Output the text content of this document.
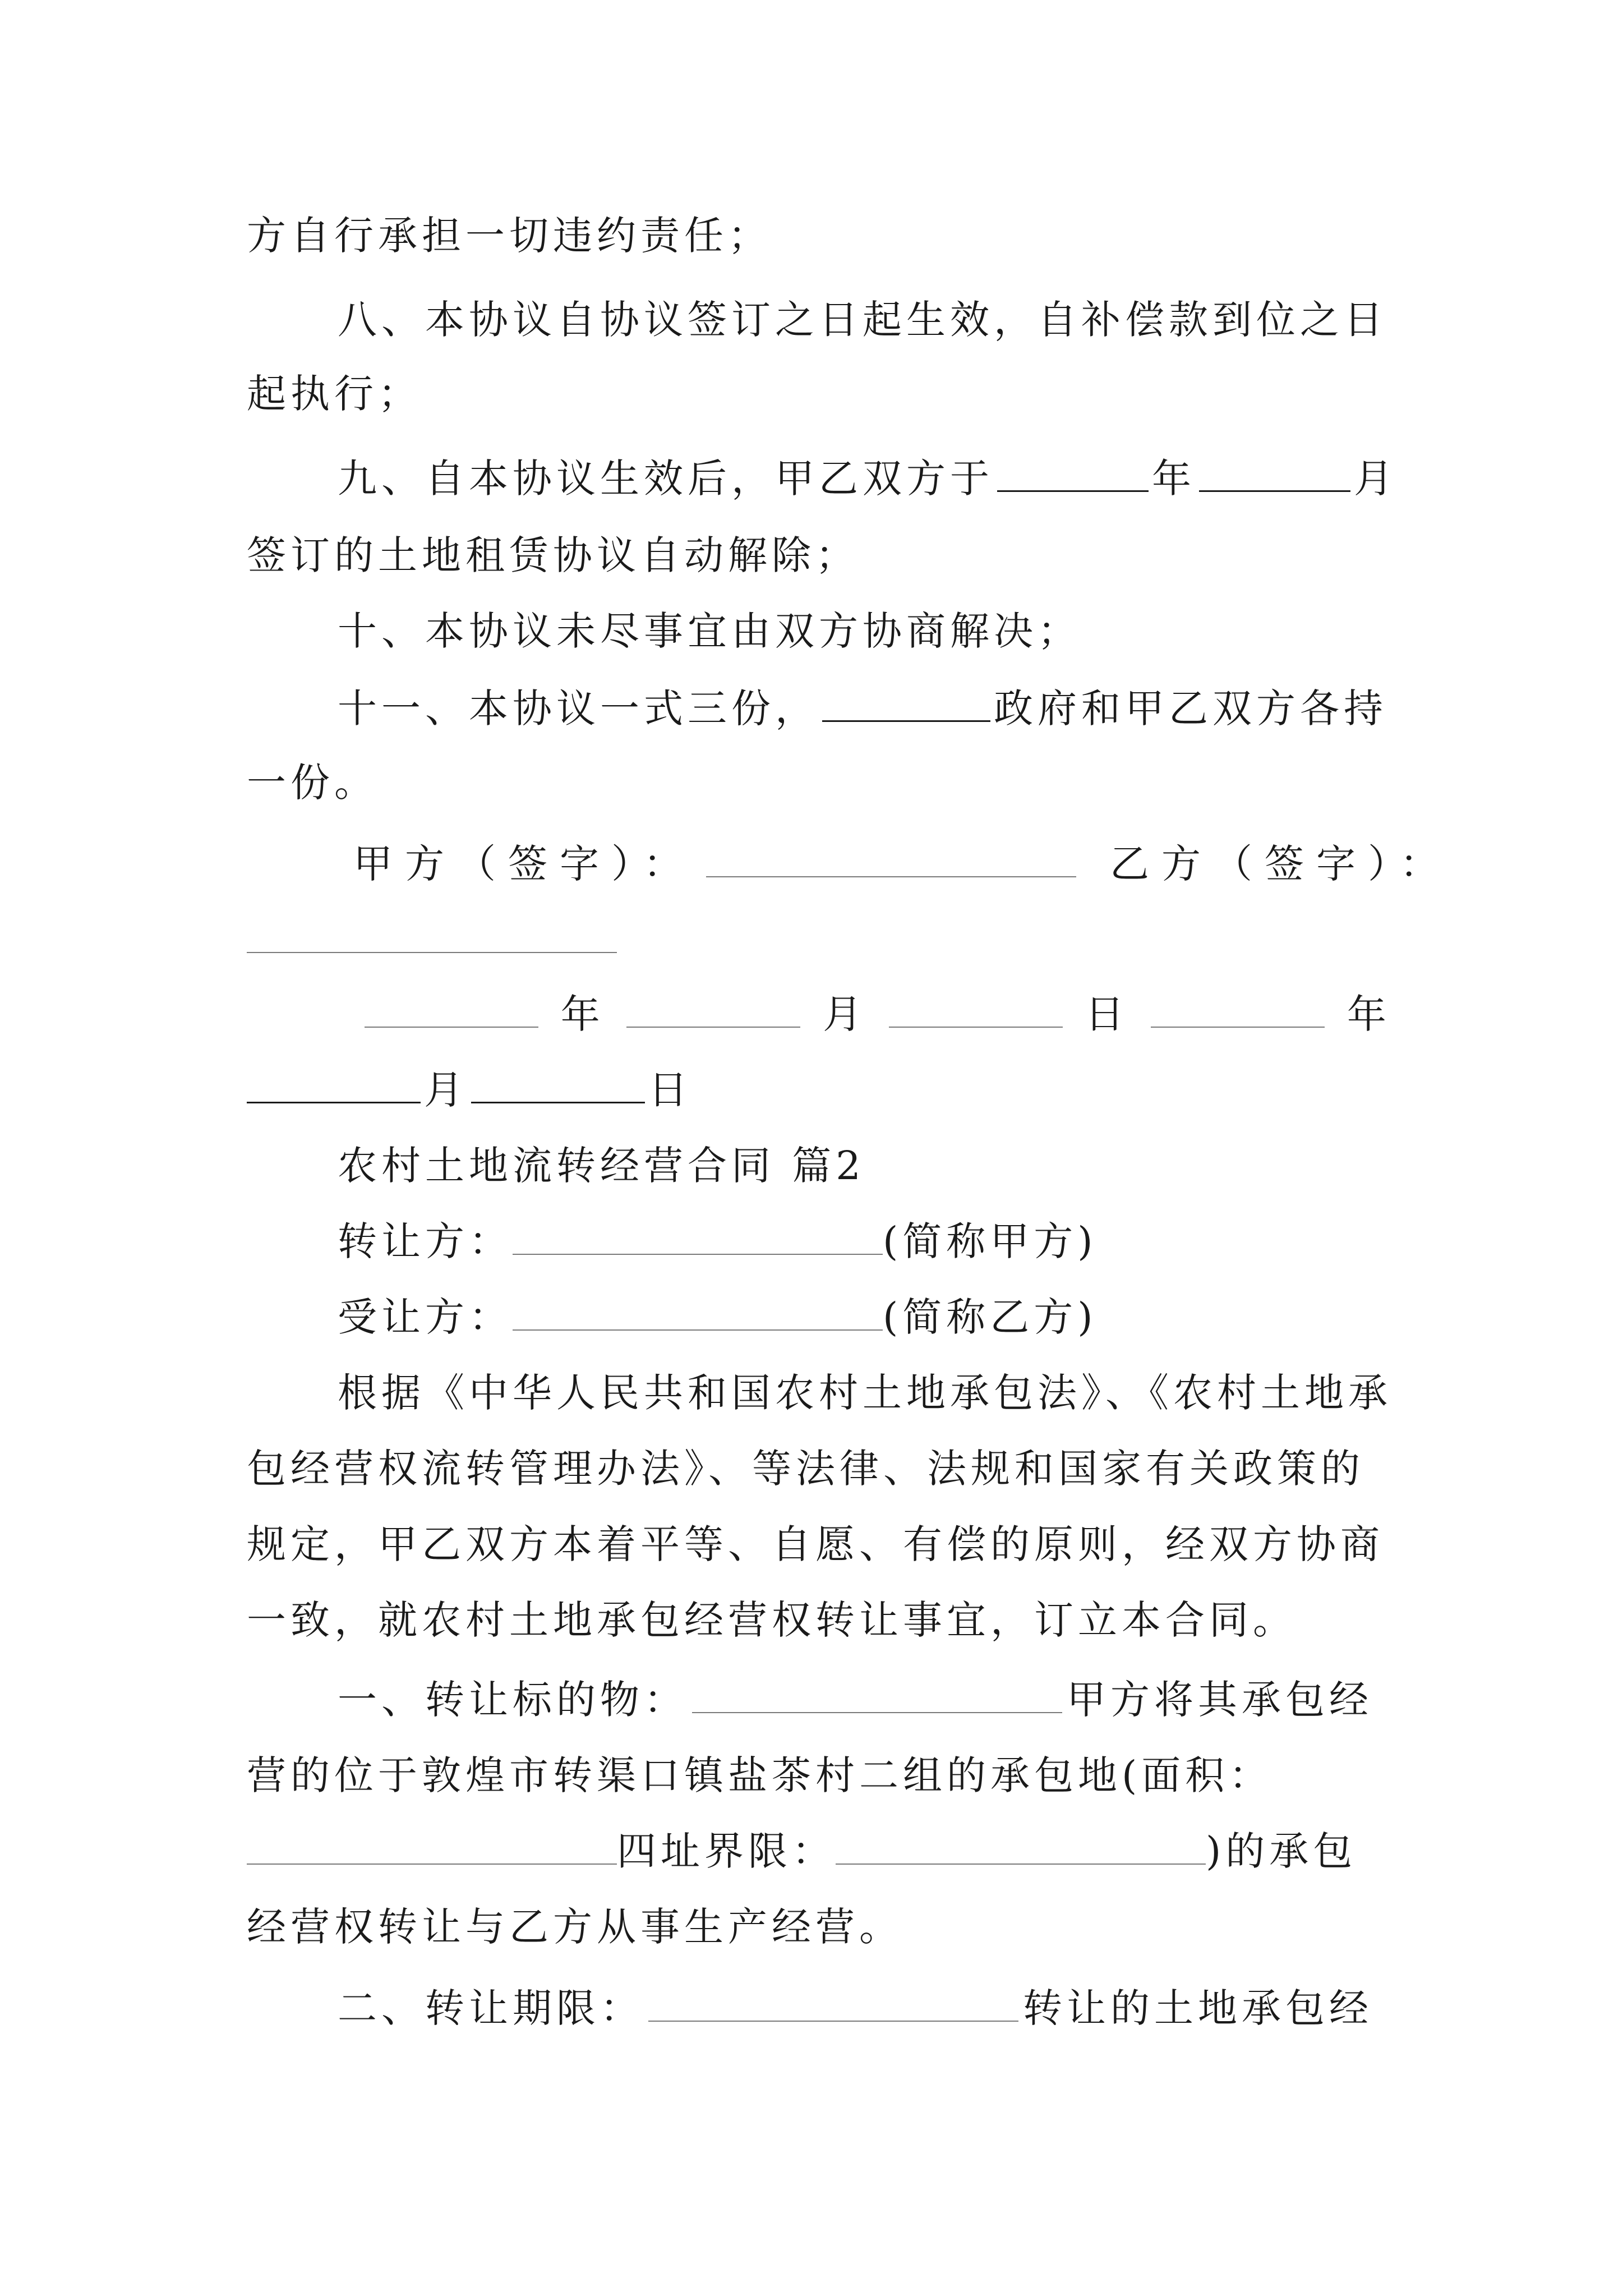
方自行承担一切违约责任；
八、本协议自协议签订之日起生效，自补偿款到位之日
起执行；
九、自本协议生效后，甲乙双方于	年	月
签订的土地租赁协议自动解除；
十、本协议未尽事宜由双方协商解决；
十一、本协议一式三份，	政府和甲乙双方各持
一份。
甲方（签字）：	乙方（签字）：
年	月	日	年
月	日
农村土地流转经营合同 篇2
转让方：	(简称甲方)
受让方：	(简称乙方)
根据《中华人民共和国农村土地承包法》、《农村土地承
包经营权流转管理办法》、等法律、法规和国家有关政策的
规定，甲乙双方本着平等、自愿、有偿的原则，经双方协商
一致，就农村土地承包经营权转让事宜，订立本合同。
一、转让标的物：	甲方将其承包经
营的位于敦煌市转渠口镇盐茶村二组的承包地(面积：
四址界限：	)的承包
经营权转让与乙方从事生产经营。
二、转让期限：	转让的土地承包经
